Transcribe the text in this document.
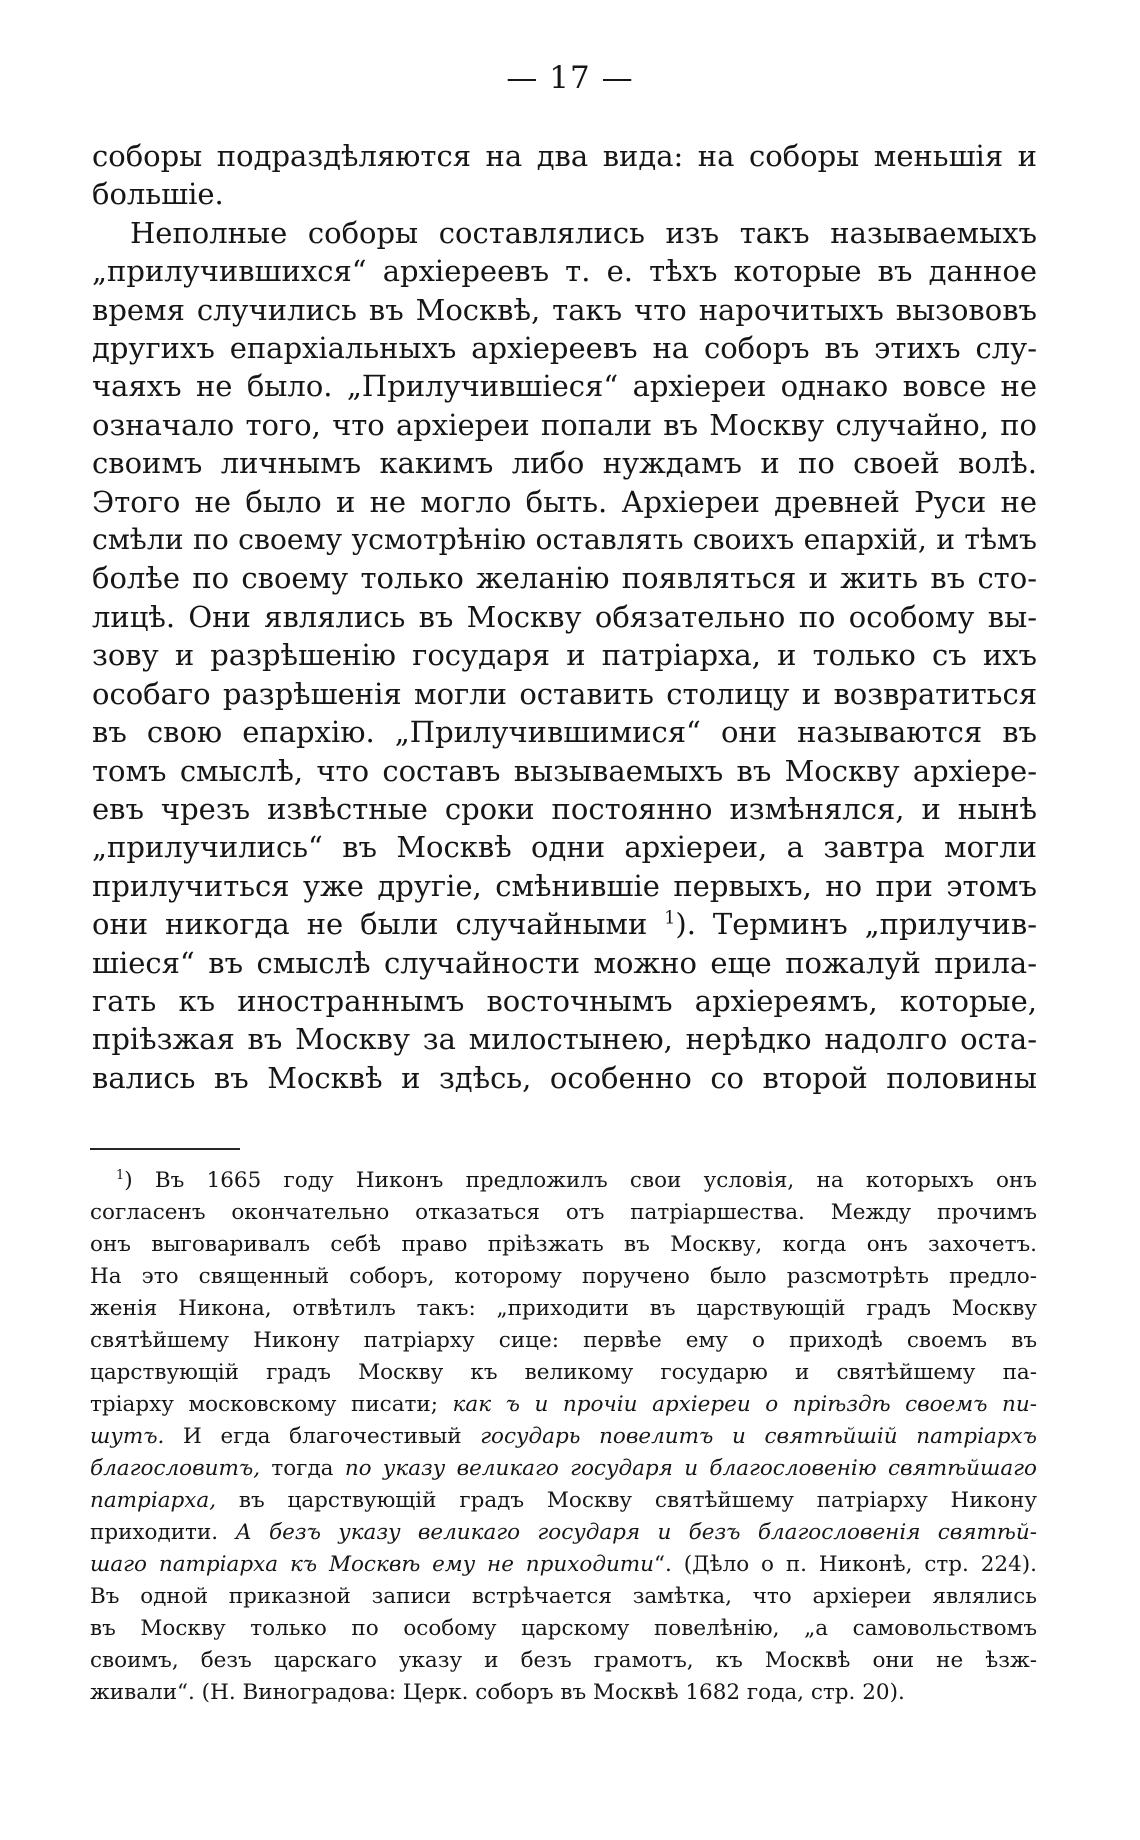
— 17 —
соборы подраздѣляются на два вида: на соборы меньшія и
большіе.
Неполные соборы составлялись изъ такъ называемыхъ
„прилучившихся“ архіереевъ т. е. тѣхъ которые въ данное
время случились въ Москвѣ, такъ что нарочитыхъ вызововъ
другихъ епархіальныхъ архіереевъ на соборъ въ этихъ слу-
чаяхъ не было. „Прилучившіеся“ архіереи однако вовсе не
означало того, что архіереи попали въ Москву случайно, по
своимъ личнымъ какимъ либо нуждамъ и по своей волѣ.
Этого не было и не могло быть. Архіереи древней Руси не
смѣли по своему усмотрѣнію оставлять своихъ епархій, и тѣмъ
болѣе по своему только желанію появляться и жить въ сто-
лицѣ. Они являлись въ Москву обязательно по особому вы-
зову и разрѣшенію государя и патріарха, и только съ ихъ
особаго разрѣшенія могли оставить столицу и возвратиться
въ свою епархію. „Прилучившимися“ они называются въ
томъ смыслѣ, что составъ вызываемыхъ въ Москву архіере-
евъ чрезъ извѣстные сроки постоянно измѣнялся, и нынѣ
„прилучились“ въ Москвѣ одни архіереи, а завтра могли
прилучиться уже другіе, смѣнившіе первыхъ, но при этомъ
они никогда не были случайными $^1$). Терминъ „прилучив-
шіеся“ въ смыслѣ случайности можно еще пожалуй прила-
гать къ иностраннымъ восточнымъ архіереямъ, которые,
пріѣзжая въ Москву за милостынею, нерѣдко надолго оста-
вались въ Москвѣ и здѣсь, особенно со второй половины
$^1$) Въ 1665 году Никонъ предложилъ свои условія, на которыхъ онъ
согласенъ окончательно отказаться отъ патріаршества. Между прочимъ
онъ выговаривалъ себѣ право пріѣзжать въ Москву, когда онъ захочетъ.
На это священный соборъ, которому поручено было разсмотрѣть предло-
женія Никона, отвѣтилъ такъ: „приходити въ царствующій градъ Москву
святѣйшему Никону патріарху сице: первѣе ему о приходѣ своемъ въ
царствующій градъ Москву къ великому государю и святѣйшему па-
тріарху московскому писати; как ъ и прочіи архіереи о пріѣздѣ своемъ пи-
шутъ. И егда благочестивый государь повелитъ и святѣйшій патріархъ
благословитъ, тогда по указу великаго государя и благословенію святѣйшаго
патріарха, въ царствующій градъ Москву святѣйшему патріарху Никону
приходити. А безъ указу великаго государя и безъ благословенія святѣй-
шаго патріарха къ Москвѣ ему не приходити“. (Дѣло о п. Никонѣ, стр. 224).
Въ одной приказной записи встрѣчается замѣтка, что архіереи являлись
въ Москву только по особому царскому повелѣнію, „а самовольствомъ
своимъ, безъ царскаго указу и безъ грамотъ, къ Москвѣ они не ѣзж-
живали“. (Н. Виноградова: Церк. соборъ въ Москвѣ 1682 года, стр. 20).
